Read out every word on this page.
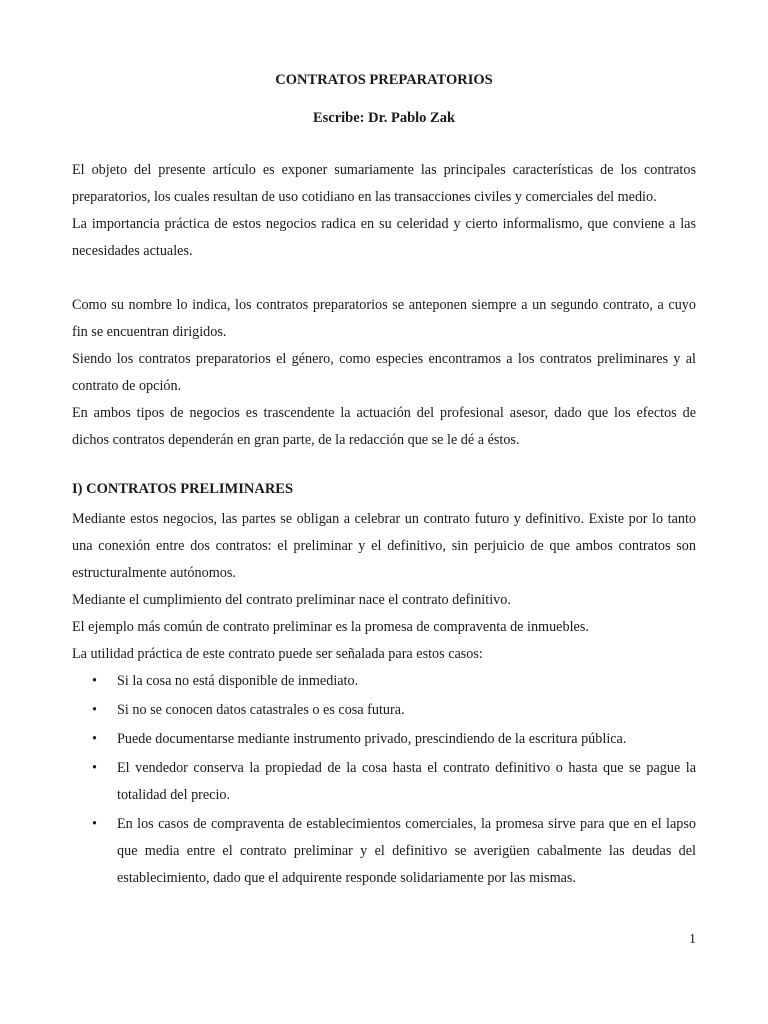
CONTRATOS PREPARATORIOS
Escribe: Dr. Pablo Zak

El objeto del presente artículo es exponer sumariamente las principales características de los contratos preparatorios, los cuales resultan de uso cotidiano en las transacciones civiles y comerciales del medio.

La importancia práctica de estos negocios radica en su celeridad y cierto informalismo, que conviene a las necesidades actuales.

Como su nombre lo indica, los contratos preparatorios se anteponen siempre a un segundo contrato, a cuyo fin se encuentran dirigidos.

Siendo los contratos preparatorios el género, como especies encontramos a los contratos preliminares y al contrato de opción.

En ambos tipos de negocios es trascendente la actuación del profesional asesor, dado que los efectos de dichos contratos dependerán en gran parte, de la redacción que se le dé a éstos.

I) CONTRATOS PRELIMINARES

Mediante estos negocios, las partes se obligan a celebrar un contrato futuro y definitivo. Existe por lo tanto una conexión entre dos contratos: el preliminar y el definitivo, sin perjuicio de que ambos contratos son estructuralmente autónomos.

Mediante el cumplimiento del contrato preliminar nace el contrato definitivo.

El ejemplo más común de contrato preliminar es la promesa de compraventa de inmuebles.

La utilidad práctica de este contrato puede ser señalada para estos casos:

• Si la cosa no está disponible de inmediato.
• Si no se conocen datos catastrales o es cosa futura.
• Puede documentarse mediante instrumento privado, prescindiendo de la escritura pública.
• El vendedor conserva la propiedad de la cosa hasta el contrato definitivo o hasta que se pague la totalidad del precio.
• En los casos de compraventa de establecimientos comerciales, la promesa sirve para que en el lapso que media entre el contrato preliminar y el definitivo se averigüen cabalmente las deudas del establecimiento, dado que el adquirente responde solidariamente por las mismas.
1
